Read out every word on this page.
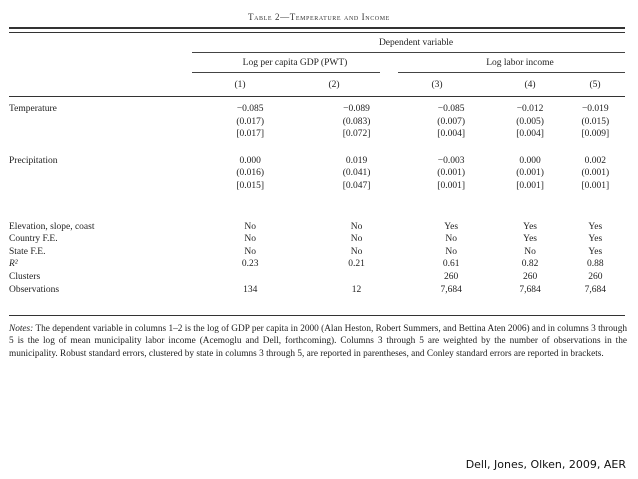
Table 2—Temperature and Income
Dependent variable
Log per capita GDP (PWT)	Log labor income
(1)	(2)	(3)	(4)	(5)
Temperature	−0.085	−0.089	−0.085	−0.012	−0.019
	(0.017)	(0.083)	(0.007)	(0.005)	(0.015)
	[0.017]	[0.072]	[0.004]	[0.004]	[0.009]

Precipitation	0.000	0.019	−0.003	0.000	0.002
	(0.016)	(0.041)	(0.001)	(0.001)	(0.001)
	[0.015]	[0.047]	[0.001]	[0.001]	[0.001]

Elevation, slope, coast	No	No	Yes	Yes	Yes
Country F.E.	No	No	No	Yes	Yes
State F.E.	No	No	No	No	Yes
R²	0.23	0.21	0.61	0.82	0.88
Clusters			260	260	260
Observations	134	12	7,684	7,684	7,684
Notes: The dependent variable in columns 1–2 is the log of GDP per capita in 2000 (Alan Heston, Robert Summers, and Bettina Aten 2006) and in columns 3 through 5 is the log of mean municipality labor income (Acemoglu and Dell, forthcoming). Columns 3 through 5 are weighted by the number of observations in the municipality. Robust standard errors, clustered by state in columns 3 through 5, are reported in parentheses, and Conley standard errors are reported in brackets.
Dell, Jones, Olken, 2009, AER
